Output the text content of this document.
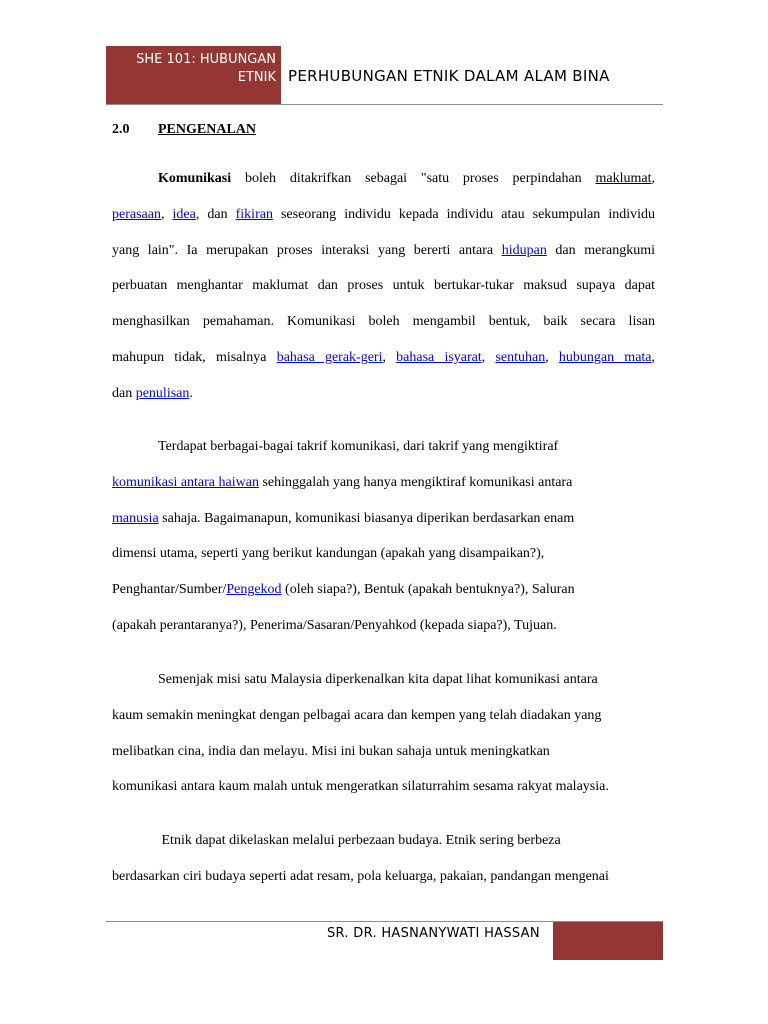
SHE 101: HUBUNGAN
ETNIK PERHUBUNGAN ETNIK DALAM ALAM BINA
2.0 PENGENALAN
Komunikasi boleh ditakrifkan sebagai "satu proses perpindahan maklumat,
perasaan, idea, dan fikiran seseorang individu kepada individu atau sekumpulan individu
yang lain". Ia merupakan proses interaksi yang bererti antara hidupan dan merangkumi
perbuatan menghantar maklumat dan proses untuk bertukar-tukar maksud supaya dapat
menghasilkan pemahaman. Komunikasi boleh mengambil bentuk, baik secara lisan
mahupun tidak, misalnya bahasa gerak-geri, bahasa isyarat, sentuhan, hubungan mata,
dan penulisan.
Terdapat berbagai-bagai takrif komunikasi, dari takrif yang mengiktiraf
komunikasi antara haiwan sehinggalah yang hanya mengiktiraf komunikasi antara
manusia sahaja. Bagaimanapun, komunikasi biasanya diperikan berdasarkan enam
dimensi utama, seperti yang berikut kandungan (apakah yang disampaikan?),
Penghantar/Sumber/Pengekod (oleh siapa?), Bentuk (apakah bentuknya?), Saluran
(apakah perantaranya?), Penerima/Sasaran/Penyahkod (kepada siapa?), Tujuan.
Semenjak misi satu Malaysia diperkenalkan kita dapat lihat komunikasi antara
kaum semakin meningkat dengan pelbagai acara dan kempen yang telah diadakan yang
melibatkan cina, india dan melayu. Misi ini bukan sahaja untuk meningkatkan
komunikasi antara kaum malah untuk mengeratkan silaturrahim sesama rakyat malaysia.
Etnik dapat dikelaskan melalui perbezaan budaya. Etnik sering berbeza
berdasarkan ciri budaya seperti adat resam, pola keluarga, pakaian, pandangan mengenai
SR. DR. HASNANYWATI HASSAN
